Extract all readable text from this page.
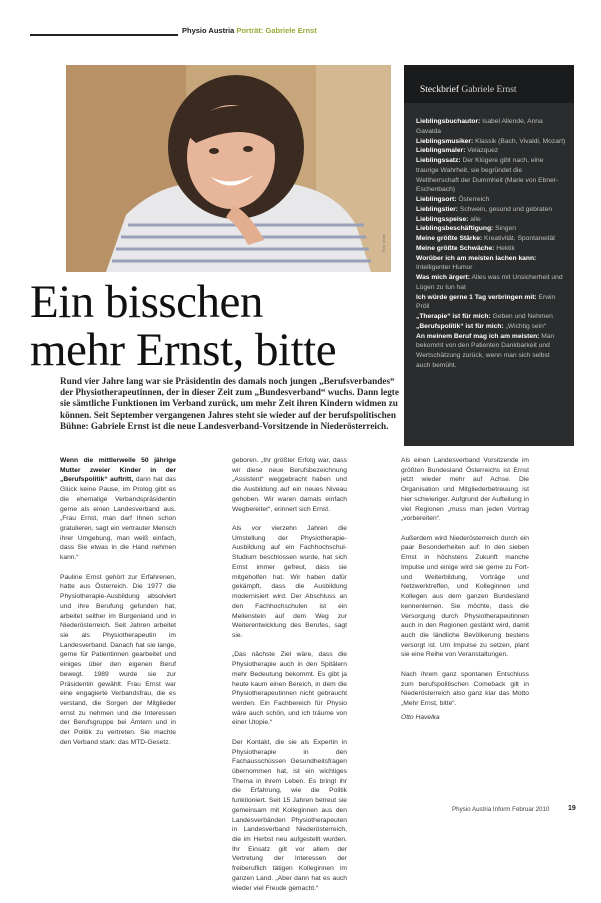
Physio Austria Porträt: Gabriele Ernst
Foto: privat
Ein bisschen
mehr Ernst, bitte
Rund vier Jahre lang war sie Präsidentin des damals noch jungen „Berufsverbandes“ der Physiotherapeutinnen, der in dieser Zeit zum „Bundesverband“ wuchs. Dann legte sie sämtliche Funktionen im Verband zurück, um mehr Zeit ihren Kindern widmen zu können. Seit September vergangenen Jahres steht sie wieder auf der berufspolitischen Bühne: Gabriele Ernst ist die neue Landesverband-Vorsitzende in Niederösterreich.
Steckbrief Gabriele Ernst

Lieblingsbuchautor: Isabel Allende, Anna Gavalda

Lieblingsmusiker: Klassik (Bach, Vivaldi, Mozart)

Lieblingsmaler: Velazquez

Lieblingssatz: Der Klügere gibt nach, eine traurige Wahrheit, sie begründet die Weltherrschaft der Dummheit (Marie von Ebner-Eschenbach)

Lieblingsort: Österreich

Lieblingstier: Schwein, gesund und gebraten

Lieblingsspeise: alle

Lieblingsbeschäftigung: Singen

Meine größte Stärke: Kreativität, Spontaneität

Meine größte Schwäche: Hektik

Worüber ich am meisten lachen kann: Intelligenter Humor

Was mich ärgert: Alles was mit Unsicherheit und Lügen zu tun hat

Ich würde gerne 1 Tag verbringen mit: Erwin Pröll

„Therapie“ ist für mich: Geben und Nehmen

„Berufspolitik“ ist für mich: „Wichtig sein“

An meinem Beruf mag ich am meisten: Man bekommt von den Patienten Dankbarkeit und Wertschätzung zurück, wenn man sich selbst auch bemüht.

Wenn die mittlerweile 50 jährige Mutter zweier Kinder in der „Berufspolitik“ auftritt, dann hat das Glück keine Pause, im Prolog gibt es die ehemalige Verbandspräsidentin gerne als einen Landesverband aus. „Frau Ernst, man darf Ihnen schon gratulieren, sagt ein vertrauter Mensch ihrer Umgebung, man weiß einfach, dass Sie etwas in die Hand nehmen kann.“

Pauline Ernst gehört zur Erfahrenen, hatte aus Österreich. Die 1977 die Physiotherapie-Ausbildung absolviert und ihre Berufung gefunden hat, arbeitet seither im Burgenland und in Niederösterreich. Seit Jahren arbeitet sie als Physiotherapeutin im Landesverband. Danach hat sie lange, gerne für Patientinnen gearbeitet und einiges über den eigenen Beruf bewegt. 1989 wurde sie zur Präsidentin gewählt. Frau Ernst war eine engagierte Verbandsfrau, die es verstand, die Sorgen der Mitglieder ernst zu nehmen und die Interessen der Berufsgruppe bei Ämtern und in der Politik zu vertreten. Sie machte den Verband stark: das MTD-Gesetz.

geboren. „Ihr größter Erfolg war, dass wir diese neue Berufsbezeichnung „Assistent“ weggebracht haben und die Ausbildung auf ein neues Niveau gehoben. Wir waren damals einfach Wegbereiter“, erinnert sich Ernst.

Als vor vierzehn Jahren die Umstellung der Physiotherapie-Ausbildung auf ein Fachhochschul-Studium beschlossen wurde, hat sich Ernst immer gefreut, dass sie mitgeholfen hat. Wir haben dafür gekämpft, dass die Ausbildung modernisiert wird. Der Abschluss an den Fachhochschulen ist ein Meilenstein auf dem Weg zur Weiterentwicklung des Berufes, sagt sie.

„Das nächste Ziel wäre, dass die Physiotherapie auch in den Spitälern mehr Bedeutung bekommt. Es gibt ja heute kaum einen Bereich, in dem die Physiotherapeutinnen nicht gebraucht werden. Ein Fachbereich für Physio wäre auch schön, und ich träume von einer Utopie.“

Der Kontakt, die sie als Expertin in Physiotherapie in den Fachausschüssen Gesundheitsfragen übernommen hat, ist ein wichtiges Thema in ihrem Leben. Es bringt ihr die Erfahrung, wie die Politik funktioniert. Seit 15 Jahren betreut sie gemeinsam mit Kolleginnen aus den Landesverbänden Physiotherapeuten in Landesverband Niederösterreich, die im Herbst neu aufgestellt wurden. Ihr Einsatz gilt vor allem der Vertretung der Interessen der freiberuflich tätigen Kolleginnen im ganzen Land. „Aber dann hat es auch wieder viel Freude gemacht.“

Als einen Landesverband Vorsitzende im größten Bundesland Österreichs ist Ernst jetzt wieder mehr auf Achse. Die Organisation und Mitgliederbetreuung ist hier schwieriger. Aufgrund der Aufteilung in viel Regionen „muss man jeden Vortrag „vorbereiten“.

Außerdem wird Niederösterreich durch ein paar Besonderheiten auf: In den sieben Ernst in höchstens Zukunft manche Impulse und einige wird sie gerne zu Fort- und Weiterbildung, Vorträge und Netzwerktreffen, und Kolleginnen und Kollegen aus dem ganzen Bundesland kennenlernen. Sie möchte, dass die Versorgung durch Physiotherapeutinnen auch in den Regionen gestärkt wird, damit auch die ländliche Bevölkerung bestens versorgt ist. Um Impulse zu setzen, plant sie eine Reihe von Veranstaltungen.

Nach ihrem ganz spontanen Entschluss zum berufspolitischen Comeback gilt in Niederösterreich also ganz klar das Motto „Mehr Ernst, bitte“.

Otto Havelka

Physio Austria Inform Februar 2010	19
